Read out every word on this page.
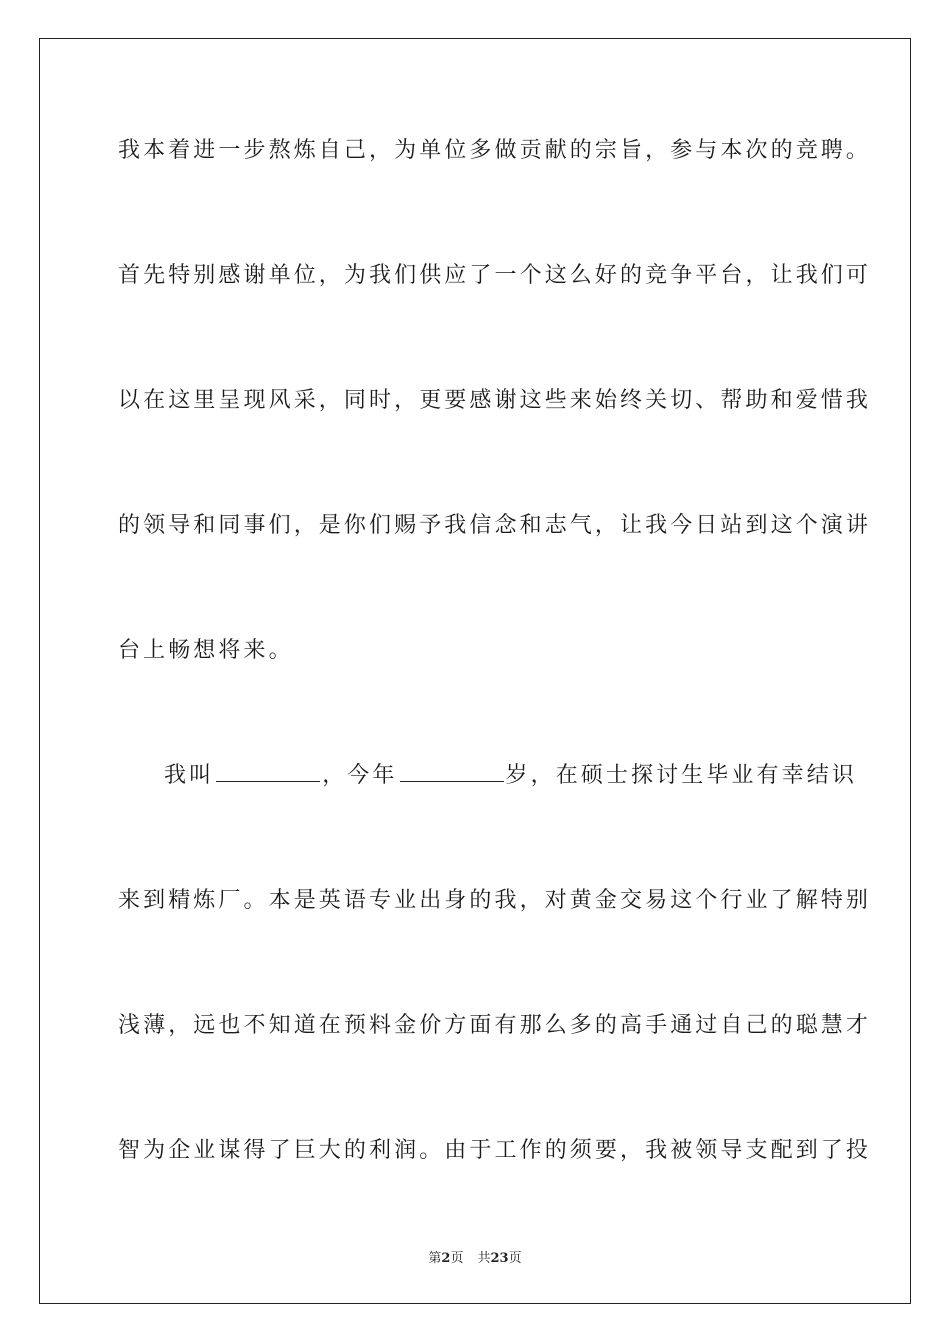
我本着进一步熬炼自己，为单位多做贡献的宗旨，参与本次的竞聘。
首先特别感谢单位，为我们供应了一个这么好的竞争平台，让我们可
以在这里呈现风采，同时，更要感谢这些来始终关切、帮助和爱惜我
的领导和同事们，是你们赐予我信念和志气，让我今日站到这个演讲
台上畅想将来。
我叫	，今年	岁，在硕士探讨生毕业有幸结识
来到精炼厂。本是英语专业出身的我，对黄金交易这个行业了解特别
浅薄，远也不知道在预料金价方面有那么多的高手通过自己的聪慧才
智为企业谋得了巨大的利润。由于工作的须要，我被领导支配到了投
第2页 共23页
